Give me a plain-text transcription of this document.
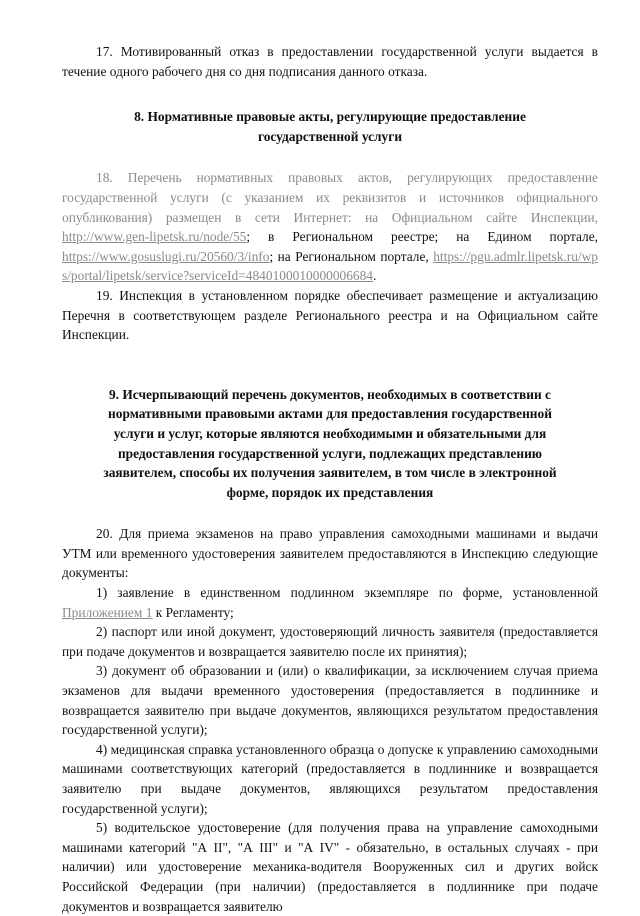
17. Мотивированный отказ в предоставлении государственной услуги выдается в течение одного рабочего дня со дня подписания данного отказа.

8. Нормативные правовые акты, регулирующие предоставление государственной услуги

18. Перечень нормативных правовых актов, регулирующих предоставление государственной услуги (с указанием их реквизитов и источников официального опубликования) размещен в сети Интернет: на Официальном сайте Инспекции, http://www.gen-lipetsk.ru/node/55; в Региональном реестре; на Едином портале, https://www.gosuslugi.ru/20560/3/info; на Региональном портале, https://pgu.admlr.lipetsk.ru/wps/portal/lipetsk/service?serviceId=4840100010000006684.

19. Инспекция в установленном порядке обеспечивает размещение и актуализацию Перечня в соответствующем разделе Регионального реестра и на Официальном сайте Инспекции.

9. Исчерпывающий перечень документов, необходимых в соответствии с нормативными правовыми актами для предоставления государственной услуги и услуг, которые являются необходимыми и обязательными для предоставления государственной услуги, подлежащих представлению заявителем, способы их получения заявителем, в том числе в электронной форме, порядок их представления

20. Для приема экзаменов на право управления самоходными машинами и выдачи УТМ или временного удостоверения заявителем предоставляются в Инспекцию следующие документы:

1) заявление в единственном подлинном экземпляре по форме, установленной Приложением 1 к Регламенту;

2) паспорт или иной документ, удостоверяющий личность заявителя (предоставляется при подаче документов и возвращается заявителю после их принятия);

3) документ об образовании и (или) о квалификации, за исключением случая приема экзаменов для выдачи временного удостоверения (предоставляется в подлиннике и возвращается заявителю при выдаче документов, являющихся результатом предоставления государственной услуги);

4) медицинская справка установленного образца о допуске к управлению самоходными машинами соответствующих категорий (предоставляется в подлиннике и возвращается заявителю при выдаче документов, являющихся результатом предоставления государственной услуги);

5) водительское удостоверение (для получения права на управление самоходными машинами категорий "А II", "А III" и "А IV" - обязательно, в остальных случаях - при наличии) или удостоверение механика-водителя Вооруженных сил и других войск Российской Федерации (при наличии) (предоставляется в подлиннике при подаче документов и возвращается заявителю
